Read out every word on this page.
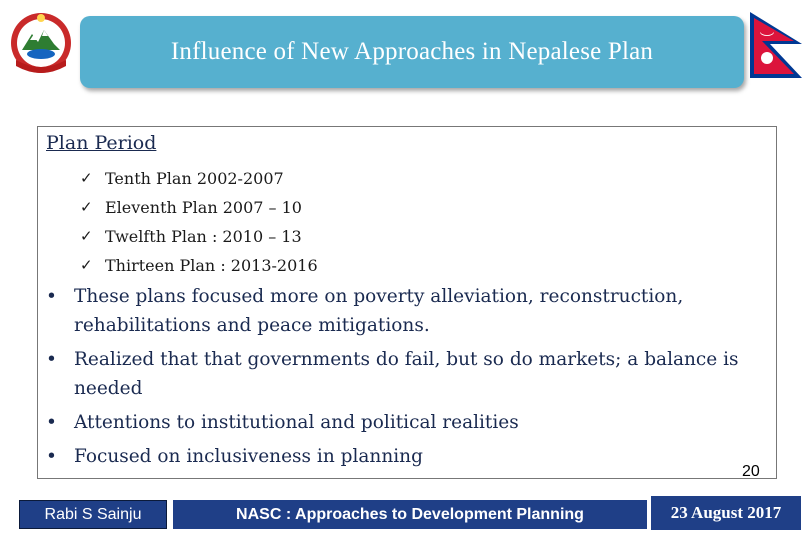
Influence of New Approaches in Nepalese Plan
Plan Period
✓ Tenth Plan 2002-2007
✓ Eleventh Plan 2007 – 10
✓ Twelfth Plan : 2010 – 13
✓ Thirteen Plan : 2013-2016
• These plans focused more on poverty alleviation, reconstruction, rehabilitations and peace mitigations.
• Realized that that governments do fail, but so do markets; a balance is needed
• Attentions to institutional and political realities
• Focused on inclusiveness in planning
20
Rabi S Sainju	NASC : Approaches to Development Planning	23 August 2017
